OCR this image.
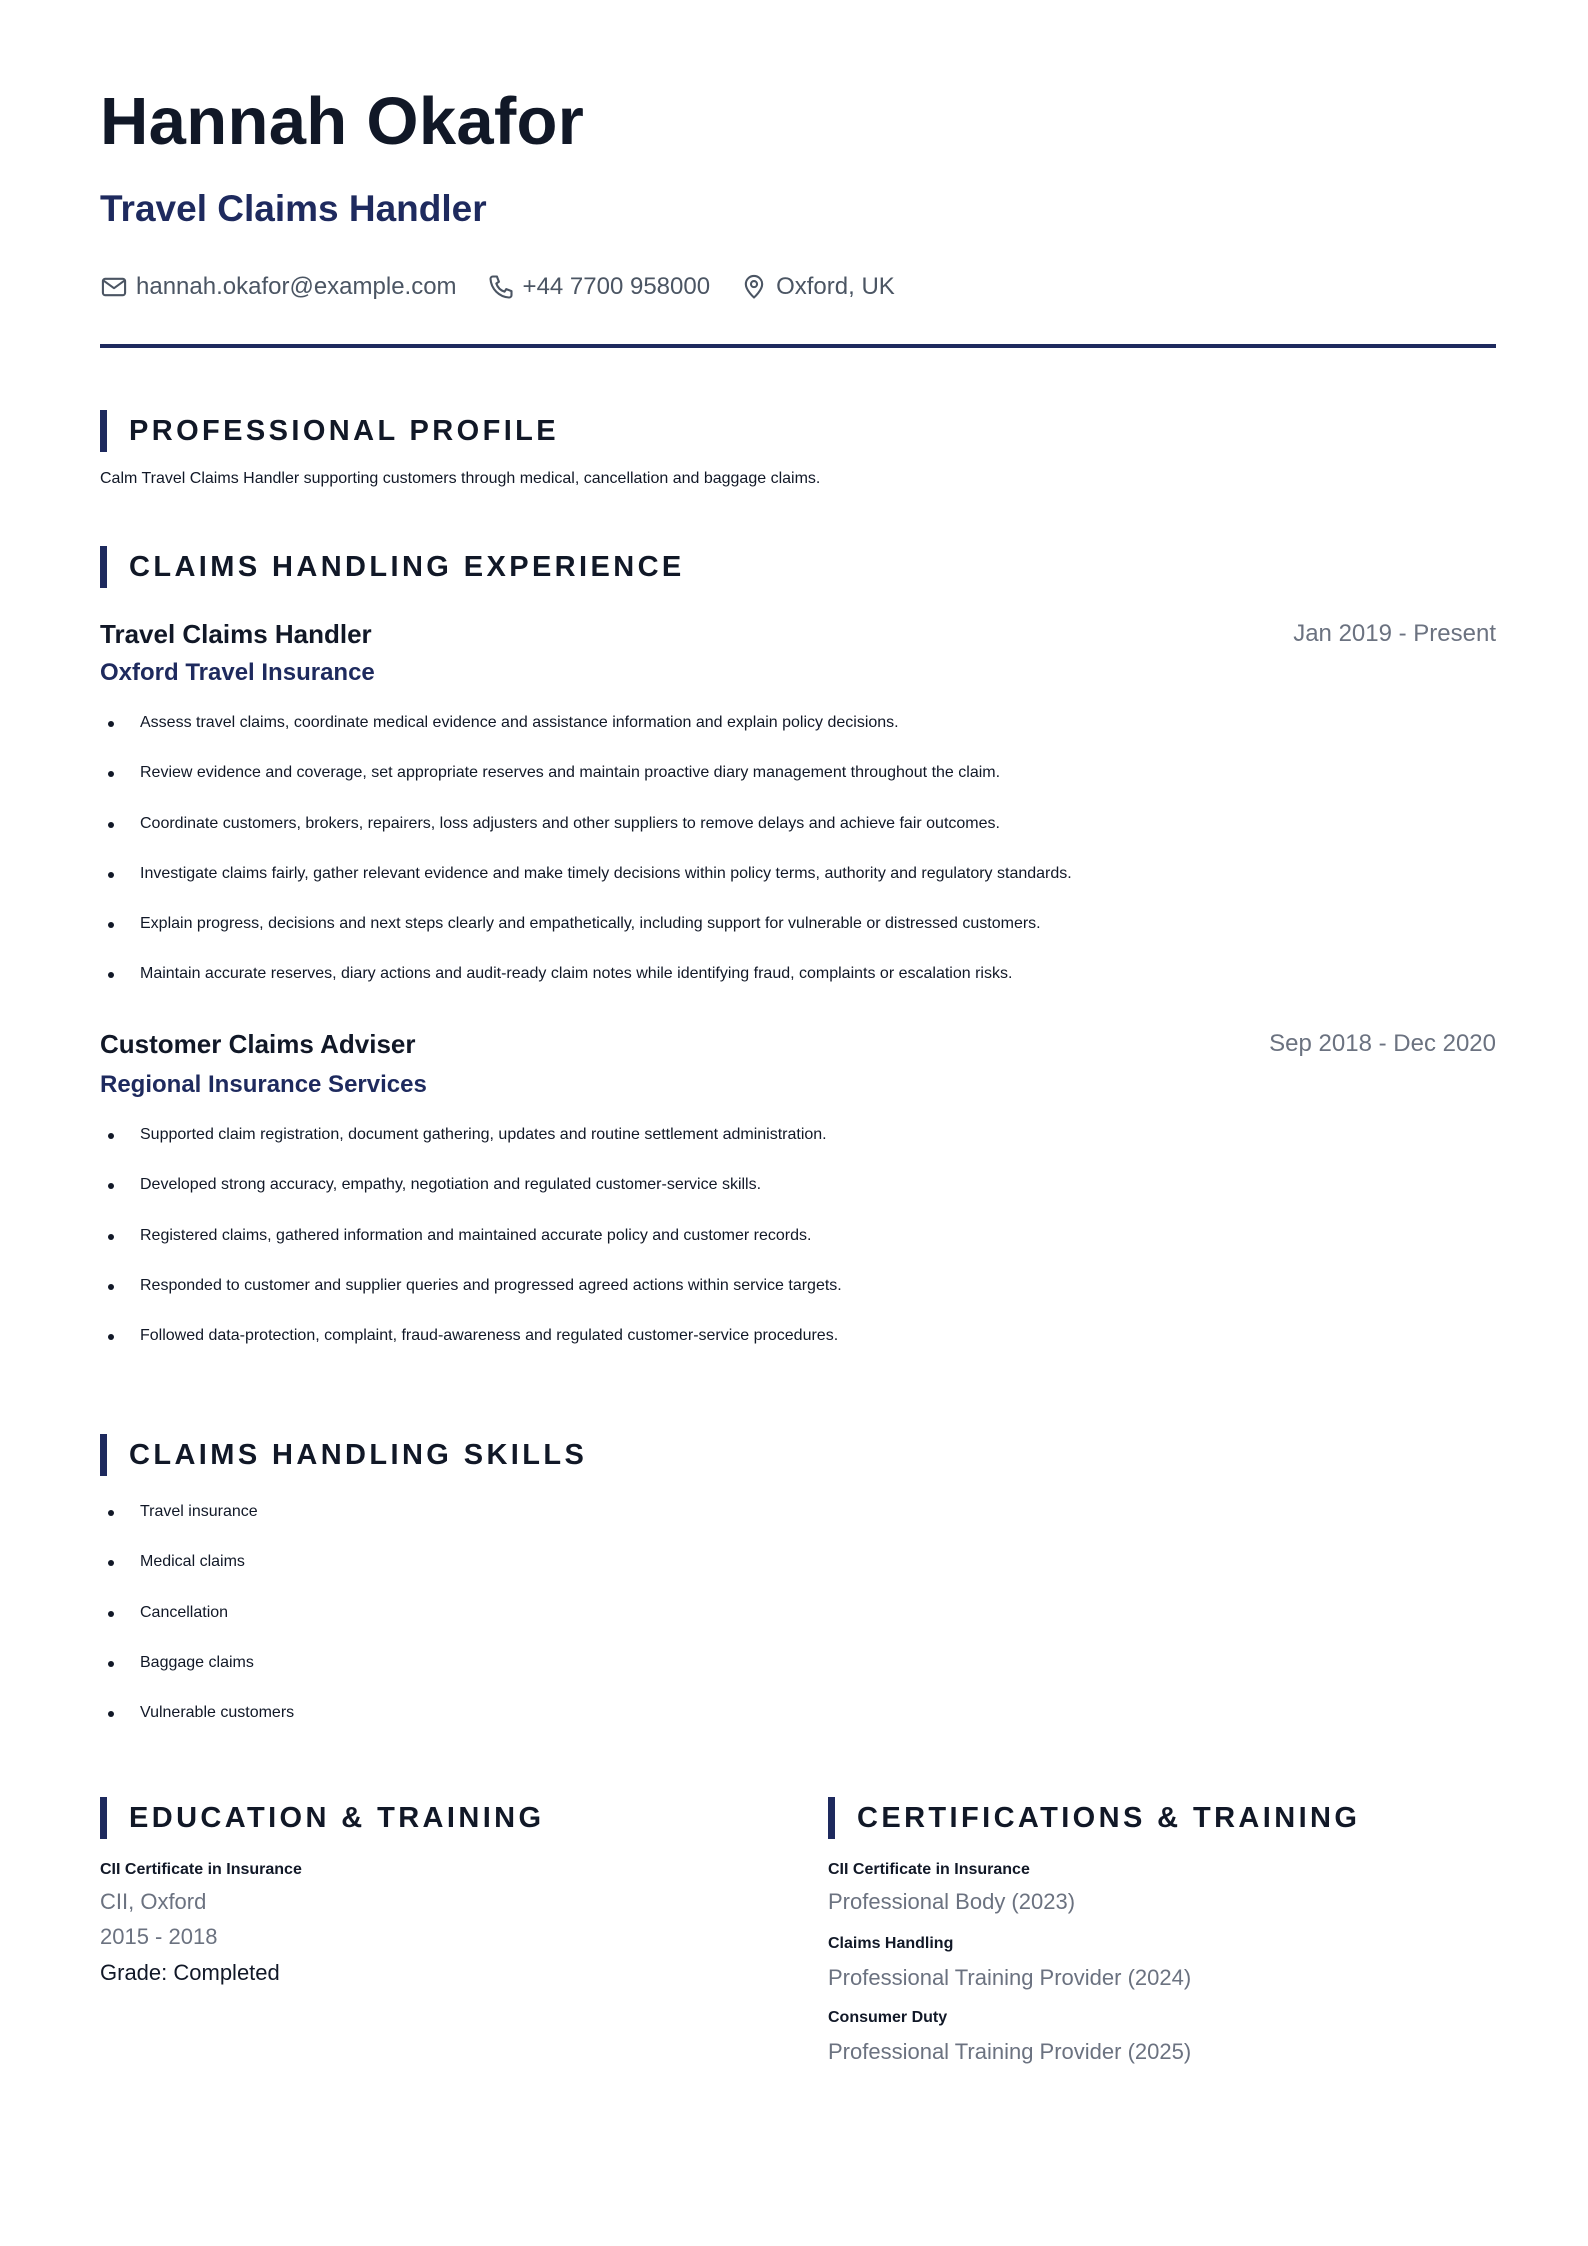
Hannah Okafor
Travel Claims Handler
hannah.okafor@example.com	+44 7700 958000	Oxford, UK
PROFESSIONAL PROFILE

Calm Travel Claims Handler supporting customers through medical, cancellation and baggage claims.

CLAIMS HANDLING EXPERIENCE
Travel Claims Handler	Jan 2019 - Present

Oxford Travel Insurance

Assess travel claims, coordinate medical evidence and assistance information and explain policy decisions.
Review evidence and coverage, set appropriate reserves and maintain proactive diary management throughout the claim.
Coordinate customers, brokers, repairers, loss adjusters and other suppliers to remove delays and achieve fair outcomes.
Investigate claims fairly, gather relevant evidence and make timely decisions within policy terms, authority and regulatory standards.
Explain progress, decisions and next steps clearly and empathetically, including support for vulnerable or distressed customers.
Maintain accurate reserves, diary actions and audit-ready claim notes while identifying fraud, complaints or escalation risks.
Customer Claims Adviser	Sep 2018 - Dec 2020

Regional Insurance Services

Supported claim registration, document gathering, updates and routine settlement administration.
Developed strong accuracy, empathy, negotiation and regulated customer-service skills.
Registered claims, gathered information and maintained accurate policy and customer records.
Responded to customer and supplier queries and progressed agreed actions within service targets.
Followed data-protection, complaint, fraud-awareness and regulated customer-service procedures.
CLAIMS HANDLING SKILLS
Travel insurance
Medical claims
Cancellation
Baggage claims
Vulnerable customers
EDUCATION & TRAINING

CII Certificate in Insurance

CII, Oxford

2015 - 2018

Grade: Completed

CERTIFICATIONS & TRAINING

CII Certificate in Insurance

Professional Body (2023)

Claims Handling

Professional Training Provider (2024)

Consumer Duty

Professional Training Provider (2025)
